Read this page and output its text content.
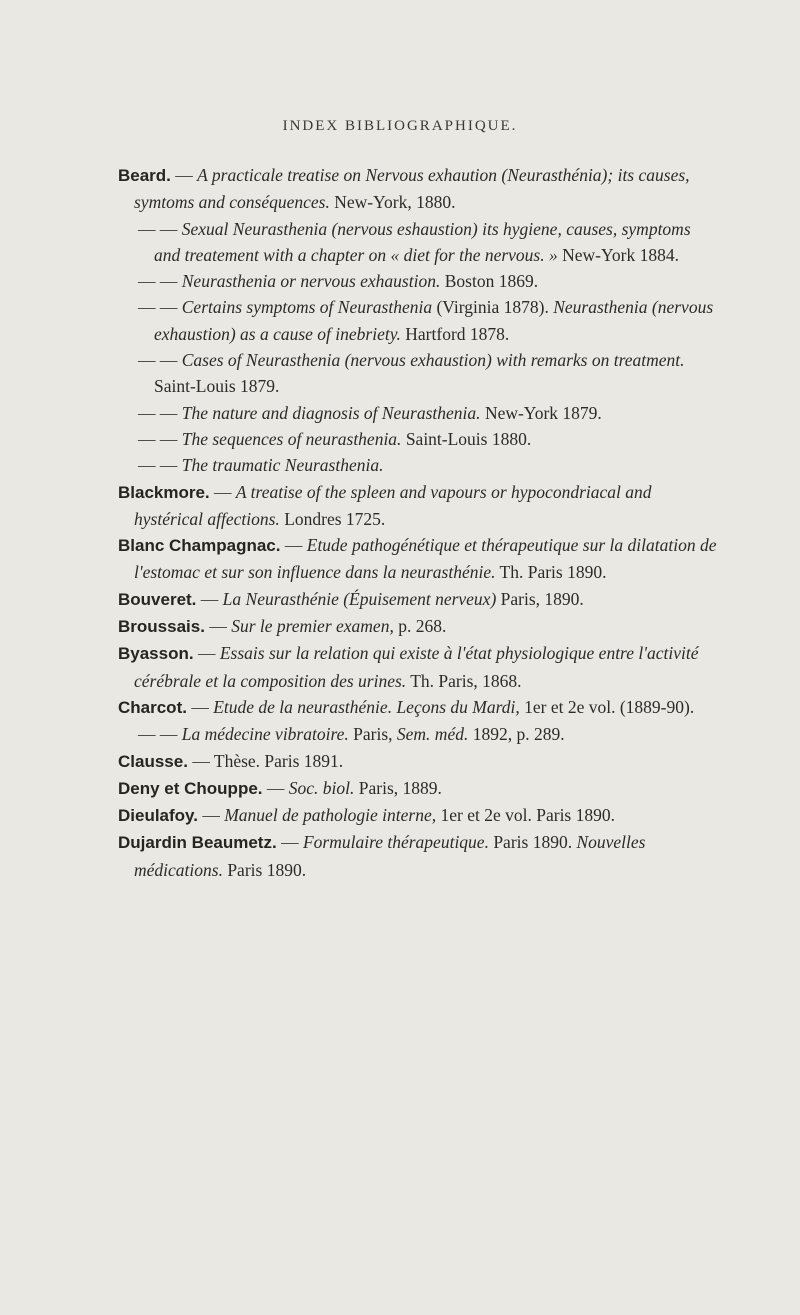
INDEX BIBLIOGRAPHIQUE.

Beard. — A practicale treatise on Nervous exhaution (Neurasthénia); its causes, symtoms and conséquences. New-York, 1880.

— — Sexual Neurasthenia (nervous eshaustion) its hygiene, causes, symptoms and treatement with a chapter on « diet for the nervous. » New-York 1884.

— — Neurasthenia or nervous exhaustion. Boston 1869.

— — Certains symptoms of Neurasthenia (Virginia 1878). Neurasthenia (nervous exhaustion) as a cause of inebriety. Hartford 1878.

— — Cases of Neurasthenia (nervous exhaustion) with remarks on treatment. Saint-Louis 1879.

— — The nature and diagnosis of Neurasthenia. New-York 1879.

— — The sequences of neurasthenia. Saint-Louis 1880.

— — The traumatic Neurasthenia.

Blackmore. — A treatise of the spleen and vapours or hypocondriacal and hystérical affections. Londres 1725.

Blanc Champagnac. — Etude pathogénétique et thérapeutique sur la dilatation de l'estomac et sur son influence dans la neurasthénie. Th. Paris 1890.

Bouveret. — La Neurasthénie (Épuisement nerveux) Paris, 1890.

Broussais. — Sur le premier examen, p. 268.

Byasson. — Essais sur la relation qui existe à l'état physiologique entre l'activité cérébrale et la composition des urines. Th. Paris, 1868.

Charcot. — Etude de la neurasthénie. Leçons du Mardi, 1er et 2e vol. (1889-90).

— — La médecine vibratoire. Paris, Sem. méd. 1892, p. 289.

Clausse. — Thèse. Paris 1891.

Deny et Chouppe. — Soc. biol. Paris, 1889.

Dieulafoy. — Manuel de pathologie interne, 1er et 2e vol. Paris 1890.

Dujardin Beaumetz. — Formulaire thérapeutique. Paris 1890. Nouvelles médications. Paris 1890.
